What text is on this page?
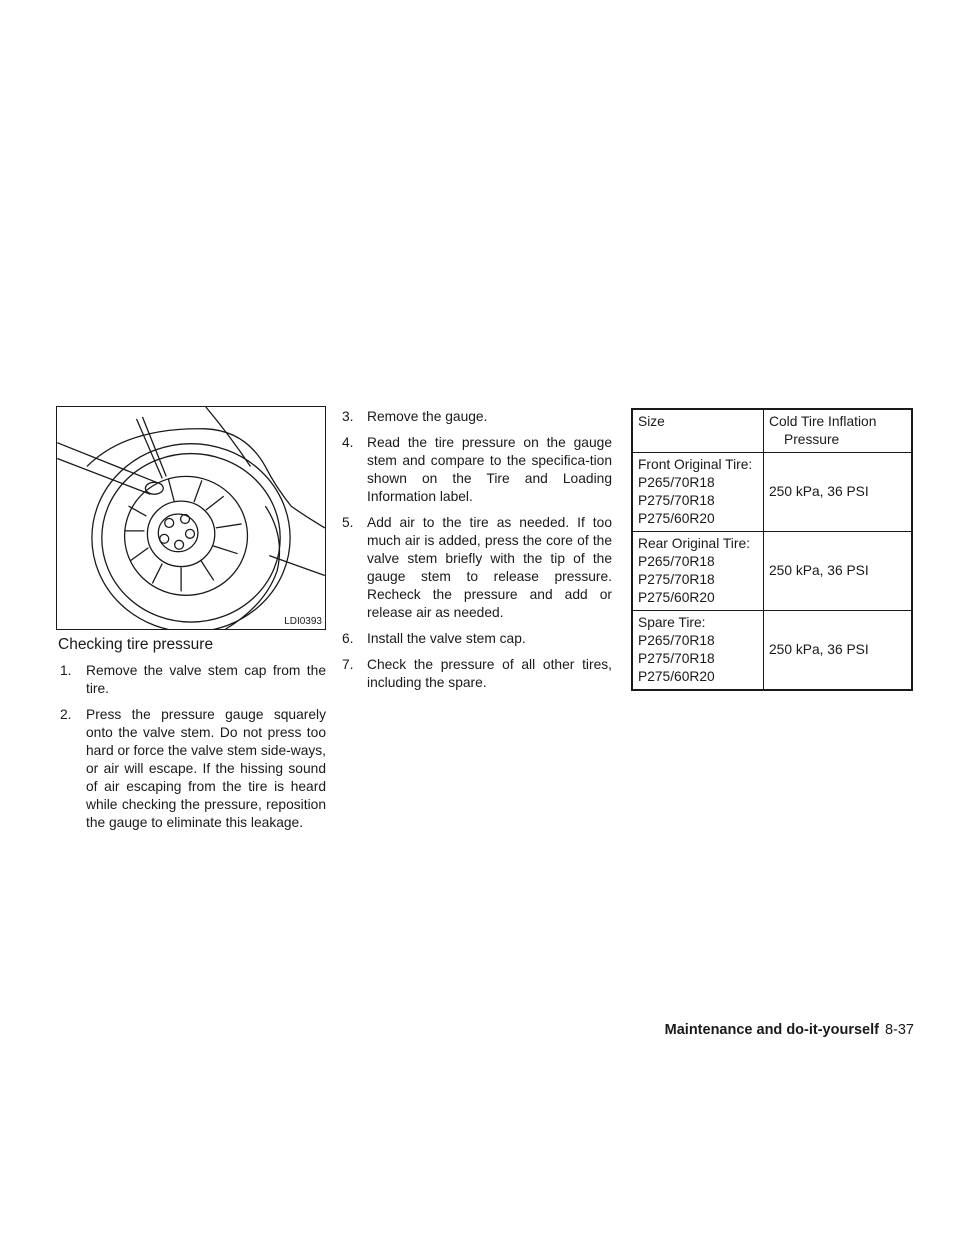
LDI0393
Checking tire pressure
1. Remove the valve stem cap from the tire.
2. Press the pressure gauge squarely onto the valve stem. Do not press too hard or force the valve stem side-ways, or air will escape. If the hissing sound of air escaping from the tire is heard while checking the pressure, reposition the gauge to eliminate this leakage.
3. Remove the gauge.
4. Read the tire pressure on the gauge stem and compare to the specifica-tion shown on the Tire and Loading Information label.
5. Add air to the tire as needed. If too much air is added, press the core of the valve stem briefly with the tip of the gauge stem to release pressure. Recheck the pressure and add or release air as needed.
6. Install the valve stem cap.
7. Check the pressure of all other tires, including the spare.
Size	Cold Tire Inflation
Pressure

Front Original Tire:
P265/70R18
P275/70R18
P275/60R20	250 kPa, 36 PSI

Rear Original Tire:
P265/70R18
P275/70R18
P275/60R20	250 kPa, 36 PSI

Spare Tire:
P265/70R18
P275/70R18
P275/60R20	250 kPa, 36 PSI
Maintenance and do-it-yourself 8-37
